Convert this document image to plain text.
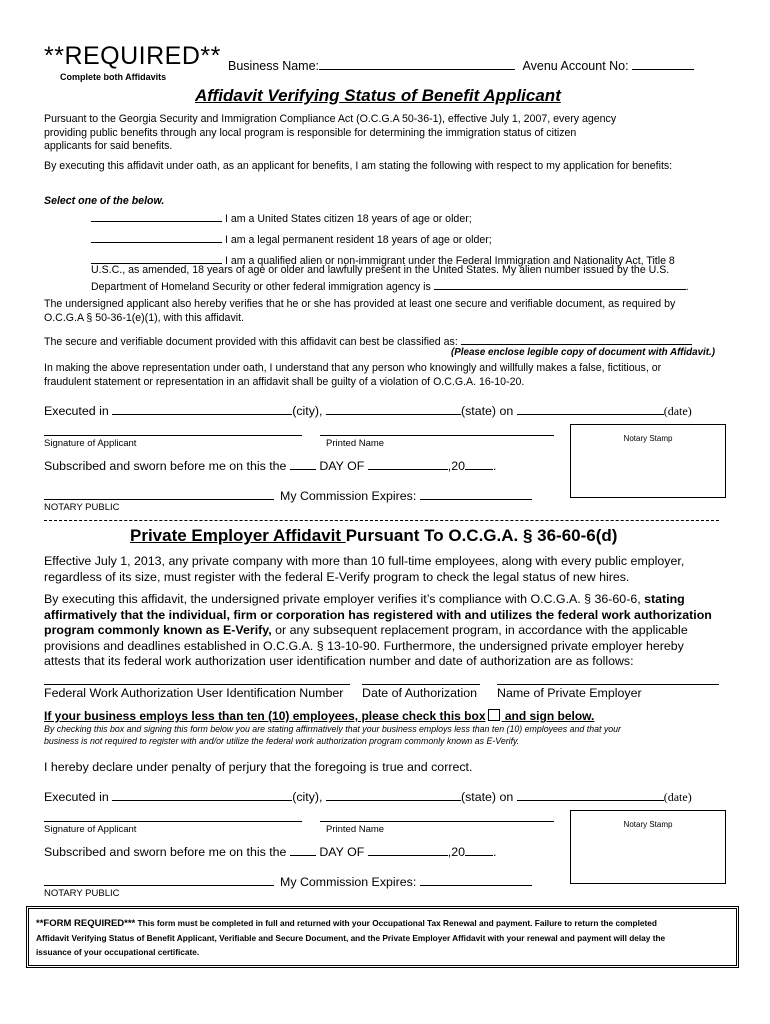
**REQUIRED**
Complete both Affidavits
Business Name:	Avenu Account No:
Affidavit Verifying Status of Benefit Applicant
Pursuant to the Georgia Security and Immigration Compliance Act (O.C.G.A 50-36-1), effective July 1, 2007, every agency
providing public benefits through any local program is responsible for determining the immigration status of citizen
applicants for said benefits.
By executing this affidavit under oath, as an applicant for benefits, I am stating the following with respect to my application for benefits:
Select one of the below.
I am a United States citizen 18 years of age or older;
I am a legal permanent resident 18 years of age or older;
I am a qualified alien or non-immigrant under the Federal Immigration and Nationality Act, Title 8
U.S.C., as amended, 18 years of age or older and lawfully present in the United States. My alien number issued by the U.S.
Department of Homeland Security or other federal immigration agency is	.
The undersigned applicant also hereby verifies that he or she has provided at least one secure and verifiable document, as required by
O.C.G.A § 50-36-1(e)(1), with this affidavit.
The secure and verifiable document provided with this affidavit can best be classified as:
(Please enclose legible copy of document with Affidavit.)
In making the above representation under oath, I understand that any person who knowingly and willfully makes a false, fictitious, or
fraudulent statement or representation in an affidavit shall be guilty of a violation of O.C.G.A. 16-10-20.
Executed in	(city),	(state) on	(date)
Signature of Applicant	Printed Name	Notary Stamp
Subscribed and sworn before me on this the	DAY OF	,20 .
My Commission Expires:
NOTARY PUBLIC
Private Employer Affidavit Pursuant To O.C.G.A. § 36-60-6(d)
Effective July 1, 2013, any private company with more than 10 full-time employees, along with every public employer,
regardless of its size, must register with the federal E-Verify program to check the legal status of new hires.
By executing this affidavit, the undersigned private employer verifies it’s compliance with O.C.G.A. § 36-60-6, stating
affirmatively that the individual, firm or corporation has registered with and utilizes the federal work authorization
program commonly known as E-Verify, or any subsequent replacement program, in accordance with the applicable
provisions and deadlines established in O.C.G.A. § 13-10-90. Furthermore, the undersigned private employer hereby
attests that its federal work authorization user identification number and date of authorization are as follows:
Federal Work Authorization User Identification Number Date of Authorization Name of Private Employer
If your business employs less than ten (10) employees, please check this box and sign below.
By checking this box and signing this form below you are stating affirmatively that your business employs less than ten (10) employees and that your
business is not required to register with and/or utilize the federal work authorization program commonly known as E-Verify.
I hereby declare under penalty of perjury that the foregoing is true and correct.
Executed in	(city),	(state) on	(date)
Signature of Applicant	Printed Name	Notary Stamp
Subscribed and sworn before me on this the	DAY OF	,20 .
My Commission Expires:
NOTARY PUBLIC
**FORM REQUIRED*** This form must be completed in full and returned with your Occupational Tax Renewal and payment. Failure to return the completed
Affidavit Verifying Status of Benefit Applicant, Verifiable and Secure Document, and the Private Employer Affidavit with your renewal and payment will delay the
issuance of your occupational certificate.
